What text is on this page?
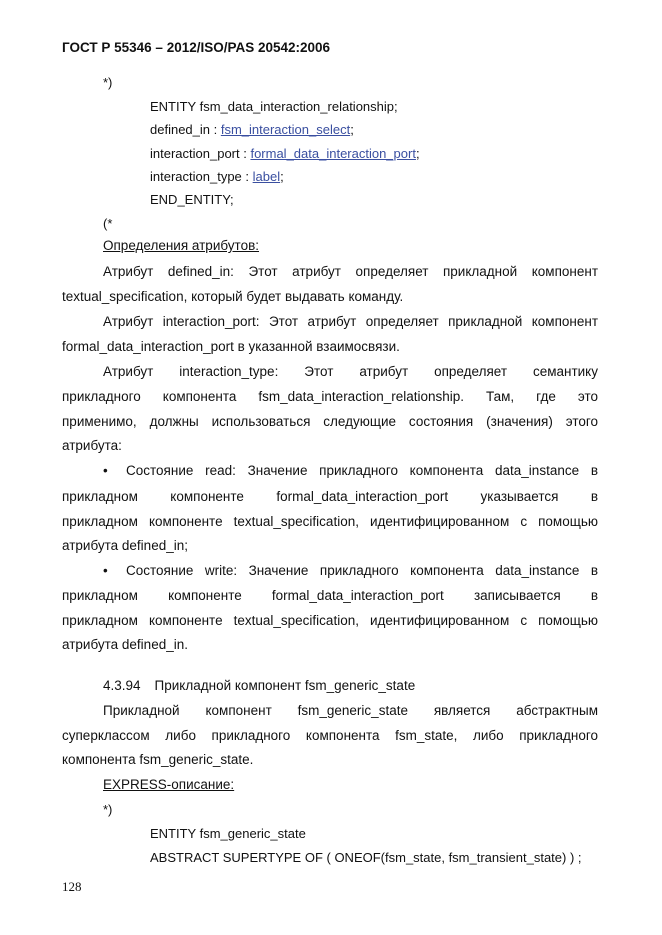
ГОСТ Р 55346 – 2012/ISO/PAS 20542:2006
*)
ENTITY fsm_data_interaction_relationship;
defined_in : fsm_interaction_select;
interaction_port : formal_data_interaction_port;
interaction_type : label;
END_ENTITY;
(*
Определения атрибутов:
Атрибут defined_in: Этот атрибут определяет прикладной компонент
textual_specification, который будет выдавать команду.
Атрибут interaction_port: Этот атрибут определяет прикладной компонент
formal_data_interaction_port в указанной взаимосвязи.
Атрибут interaction_type: Этот атрибут определяет семантику
прикладного компонента fsm_data_interaction_relationship. Там, где это
применимо, должны использоваться следующие состояния (значения) этого
атрибута:
• Состояние read: Значение прикладного компонента data_instance в
прикладном компоненте formal_data_interaction_port указывается в
прикладном компоненте textual_specification, идентифицированном с помощью
атрибута defined_in;
• Состояние write: Значение прикладного компонента data_instance в
прикладном компоненте formal_data_interaction_port записывается в
прикладном компоненте textual_specification, идентифицированном с помощью
атрибута defined_in.
4.3.94 Прикладной компонент fsm_generic_state
Прикладной компонент fsm_generic_state является абстрактным
суперклассом либо прикладного компонента fsm_state, либо прикладного
компонента fsm_generic_state.
EXPRESS-описание:
*)
ENTITY fsm_generic_state
ABSTRACT SUPERTYPE OF ( ONEOF(fsm_state, fsm_transient_state) ) ;
128
